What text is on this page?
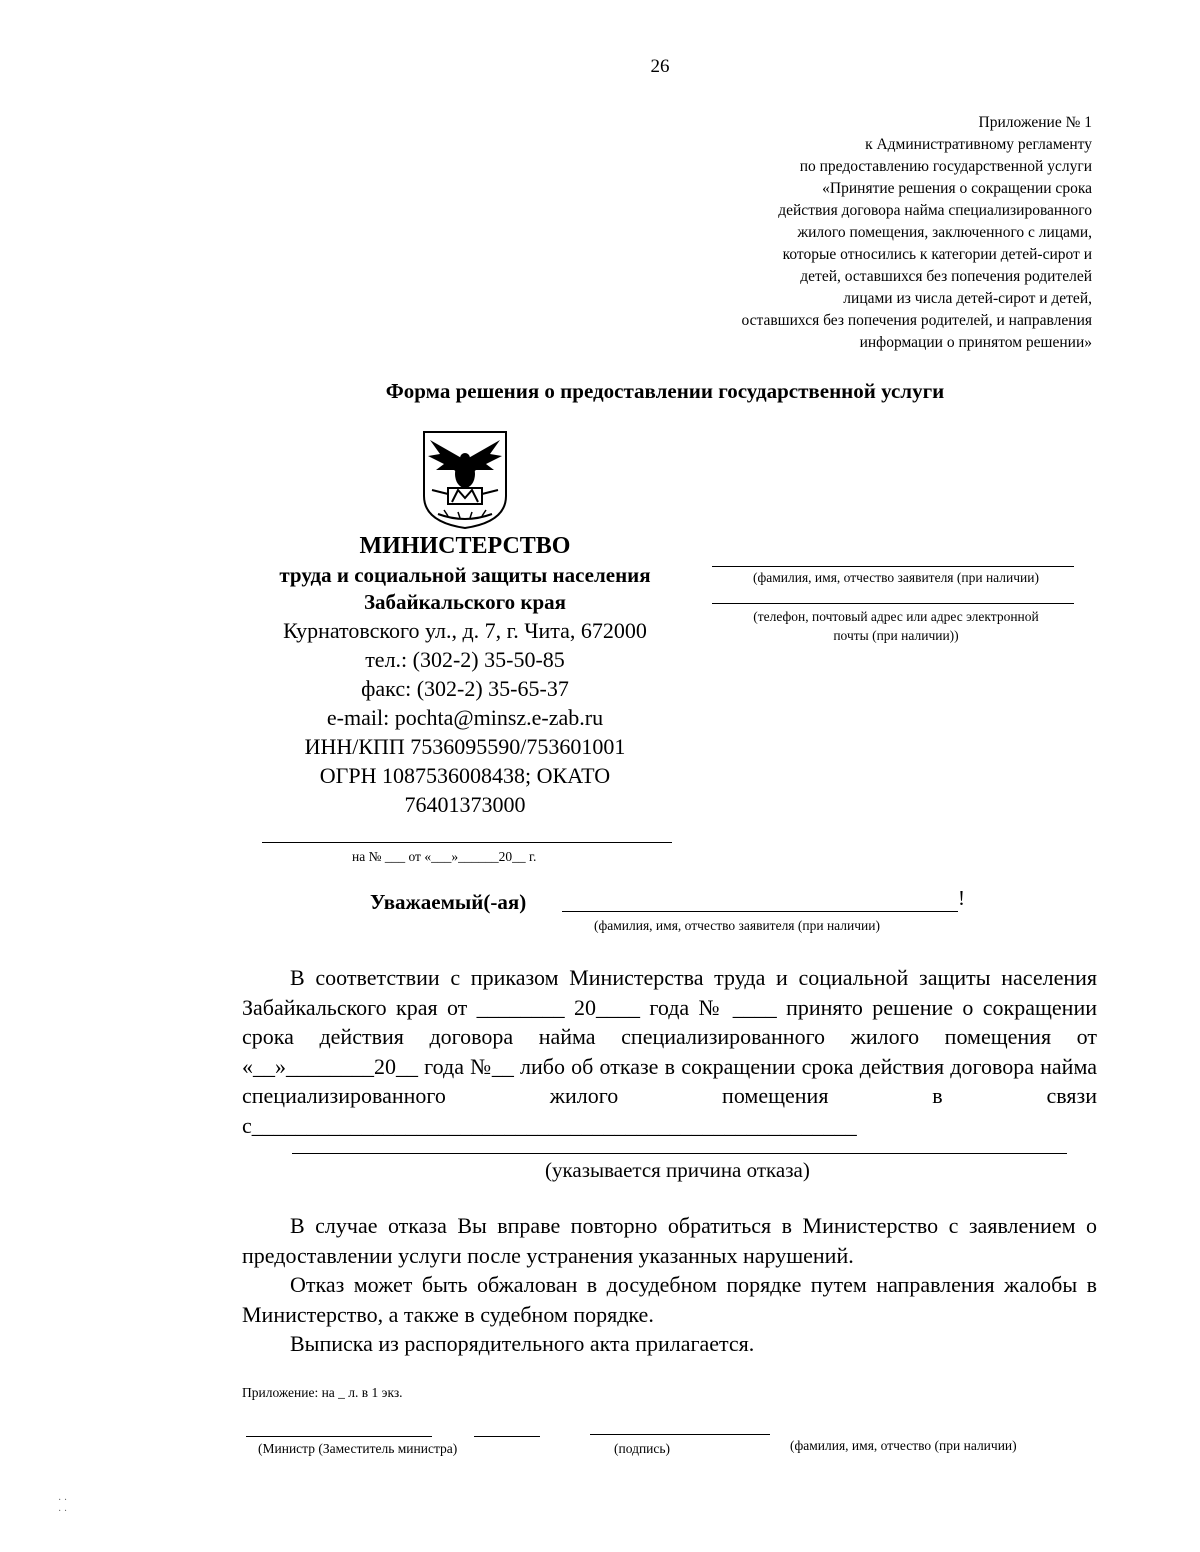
26
Приложение № 1
к Административному регламенту
по предоставлению государственной услуги
«Принятие решения о сокращении срока
действия договора найма специализированного
жилого помещения, заключенного с лицами,
которые относились к категории детей-сирот и
детей, оставшихся без попечения родителей
лицами из числа детей-сирот и детей,
оставшихся без попечения родителей, и направления
информации о принятом решении»
Форма решения о предоставлении государственной услуги
МИНИСТЕРСТВО
труда и социальной защиты населения
Забайкальского края
Курнатовского ул., д. 7, г. Чита, 672000
тел.: (302-2) 35-50-85
факс: (302-2) 35-65-37
e-mail: pochta@minsz.e-zab.ru
ИНН/КПП 7536095590/753601001
ОГРН 1087536008438; ОКАТО
76401373000
(фамилия, имя, отчество заявителя (при наличии)
(телефон, почтовый адрес или адрес электронной
почты (при наличии))
на № ___ от «___»______20__ г.
Уважаемый(-ая)	!
(фамилия, имя, отчество заявителя (при наличии)

В соответствии с приказом Министерства труда и социальной защиты населения Забайкальского края от ________ 20____ года № ____ принято решение о сокращении срока действия договора найма специализированного жилого помещения от «__»________20__ года №__ либо об отказе в сокращении срока действия договора найма специализированного жилого помещения в связи с_______________________________________________________

(указывается причина отказа)

В случае отказа Вы вправе повторно обратиться в Министерство с заявлением о предоставлении услуги после устранения указанных нарушений.

Отказ может быть обжалован в досудебном порядке путем направления жалобы в Министерство, а также в судебном порядке.

Выписка из распорядительного акта прилагается.

Приложение: на _ л. в 1 экз.
(Министр (Заместитель министра)	(подпись)	(фамилия, имя, отчество (при наличии)
· ·
· ·
